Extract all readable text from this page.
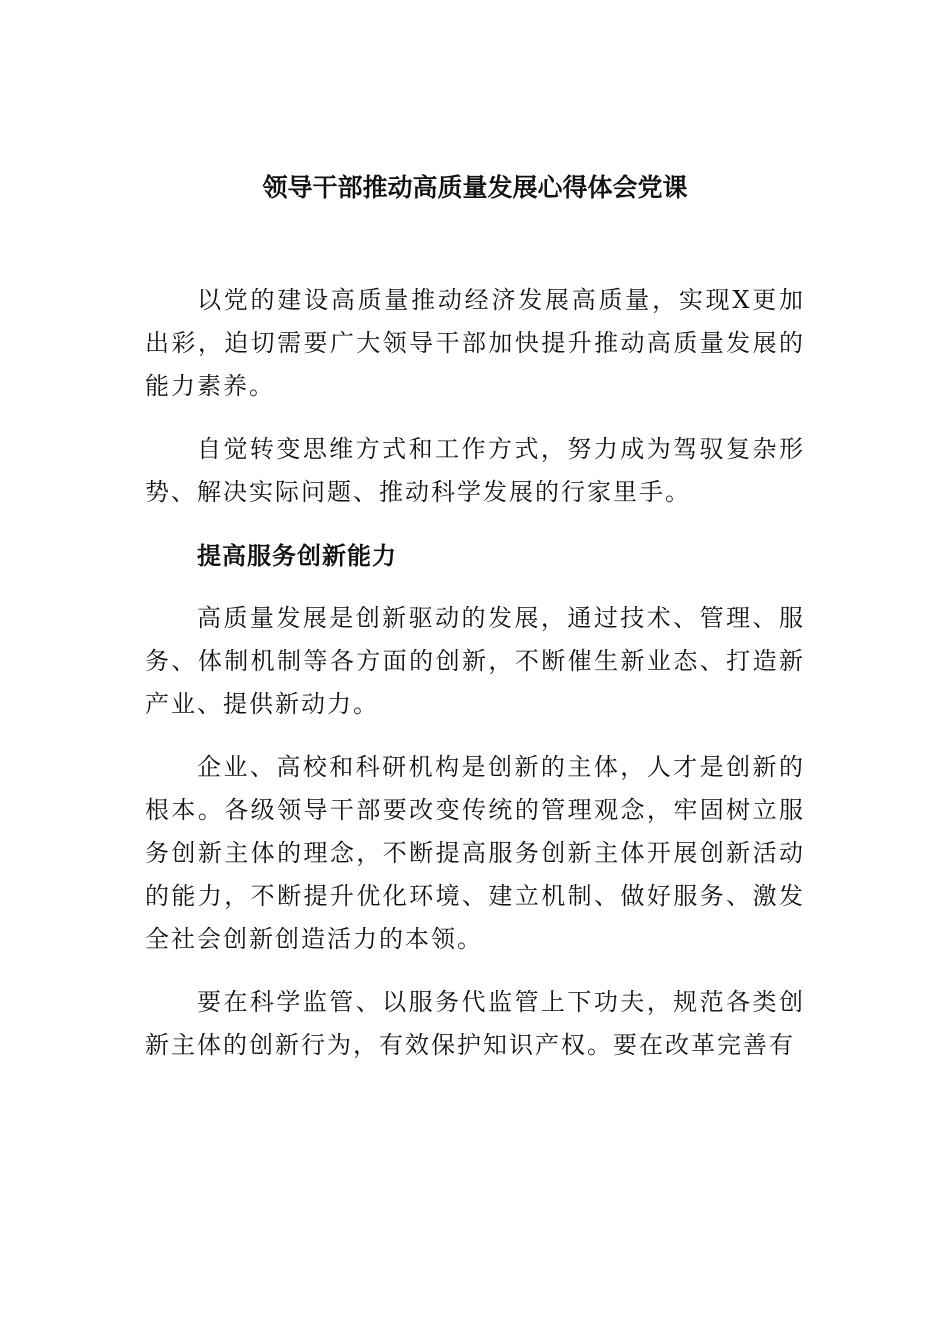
领导干部推动高质量发展心得体会党课

以党的建设高质量推动经济发展高质量，实现X更加出彩，迫切需要广大领导干部加快提升推动高质量发展的能力素养。

自觉转变思维方式和工作方式，努力成为驾驭复杂形势、解决实际问题、推动科学发展的行家里手。

提高服务创新能力

高质量发展是创新驱动的发展，通过技术、管理、服务、体制机制等各方面的创新，不断催生新业态、打造新产业、提供新动力。

企业、高校和科研机构是创新的主体，人才是创新的根本。各级领导干部要改变传统的管理观念，牢固树立服务创新主体的理念，不断提高服务创新主体开展创新活动的能力，不断提升优化环境、建立机制、做好服务、激发全社会创新创造活力的本领。

要在科学监管、以服务代监管上下功夫，规范各类创新主体的创新行为，有效保护知识产权。要在改革完善有
